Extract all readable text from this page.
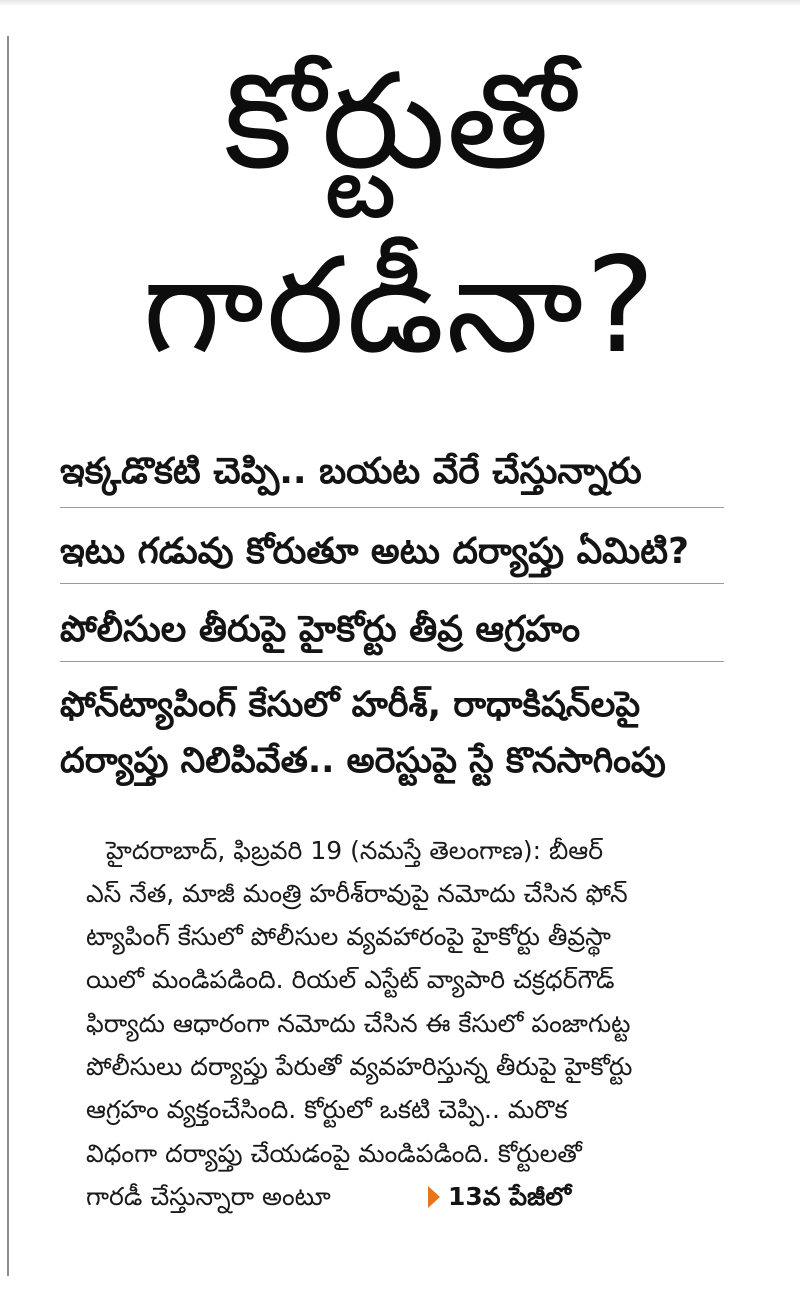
కోర్టుతో
గారడీనా?
ఇక్కడొకటి చెప్పి.. బయట వేరే చేస్తున్నారు
ఇటు గడువు కోరుతూ అటు దర్యాప్తు ఏమిటి?
పోలీసుల తీరుపై హైకోర్టు తీవ్ర ఆగ్రహం
ఫోన్‌ట్యాపింగ్ కేసులో హరీశ్, రాధాకిషన్‌లపై
దర్యాప్తు నిలిపివేత.. అరెస్టుపై స్టే కొనసాగింపు

హైదరాబాద్, ఫిబ్రవరి 19 (నమస్తే తెలంగాణ): బీఆర్

ఎస్ నేత, మాజీ మంత్రి హరీశ్‌రావుపై నమోదు చేసిన ఫోన్

ట్యాపింగ్ కేసులో పోలీసుల వ్యవహారంపై హైకోర్టు తీవ్రస్థా

యిలో మండిపడింది. రియల్ ఎస్టేట్ వ్యాపారి చక్రధర్‌గౌడ్

ఫిర్యాదు ఆధారంగా నమోదు చేసిన ఈ కేసులో పంజాగుట్ట

పోలీసులు దర్యాప్తు పేరుతో వ్యవహరిస్తున్న తీరుపై హైకోర్టు

ఆగ్రహం వ్యక్తంచేసింది. కోర్టులో ఒకటి చెప్పి.. మరొక

విధంగా దర్యాప్తు చేయడంపై మండిపడింది. కోర్టులతో

గారడీ చేస్తున్నారా అంటూ	13వ పేజీలో
